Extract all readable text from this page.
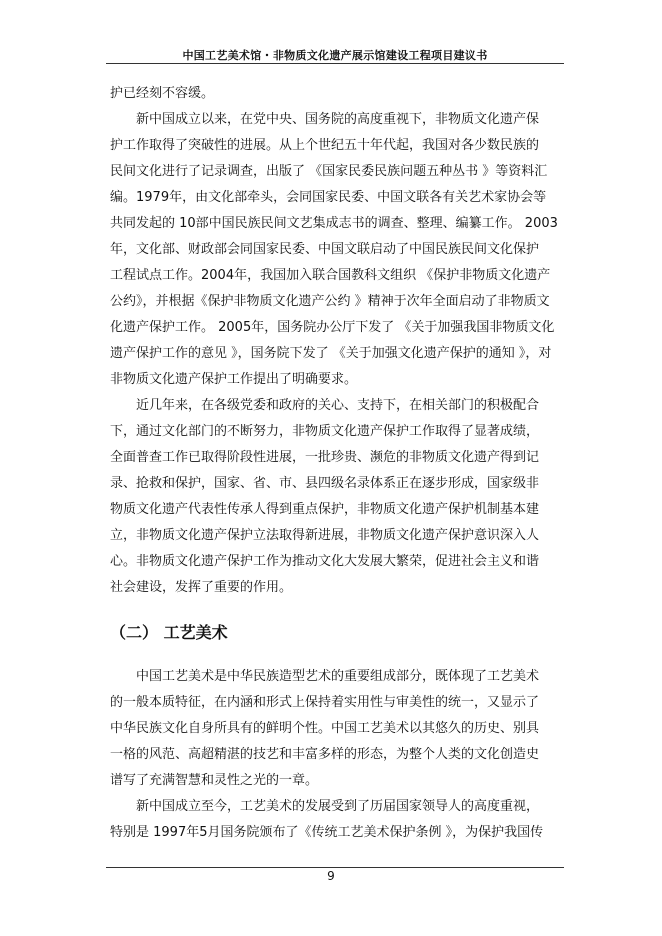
中国工艺美术馆・非物质文化遗产展示馆建设工程项目建议书
护已经刻不容缓。
新中国成立以来，在党中央、国务院的高度重视下，非物质文化遗产保
护工作取得了突破性的进展。从上个世纪五十年代起，我国对各少数民族的
民间文化进行了记录调查，出版了 《国家民委民族问题五种丛书 》等资料汇
编。1979年，由文化部牵头，会同国家民委、中国文联各有关艺术家协会等
共同发起的 10部中国民族民间文艺集成志书的调查、整理、编纂工作。 2003
年，文化部、财政部会同国家民委、中国文联启动了中国民族民间文化保护
工程试点工作。2004年，我国加入联合国教科文组织 《保护非物质文化遗产
公约》，并根据《保护非物质文化遗产公约 》精神于次年全面启动了非物质文
化遗产保护工作。 2005年，国务院办公厅下发了 《关于加强我国非物质文化
遗产保护工作的意见 》，国务院下发了 《关于加强文化遗产保护的通知 》，对
非物质文化遗产保护工作提出了明确要求。
近几年来，在各级党委和政府的关心、支持下，在相关部门的积极配合
下，通过文化部门的不断努力，非物质文化遗产保护工作取得了显著成绩，
全面普查工作已取得阶段性进展，一批珍贵、濒危的非物质文化遗产得到记
录、抢救和保护，国家、省、市、县四级名录体系正在逐步形成，国家级非
物质文化遗产代表性传承人得到重点保护，非物质文化遗产保护机制基本建
立，非物质文化遗产保护立法取得新进展，非物质文化遗产保护意识深入人
心。非物质文化遗产保护工作为推动文化大发展大繁荣，促进社会主义和谐
社会建设，发挥了重要的作用。
（二） 工艺美术
中国工艺美术是中华民族造型艺术的重要组成部分，既体现了工艺美术
的一般本质特征，在内涵和形式上保持着实用性与审美性的统一，又显示了
中华民族文化自身所具有的鲜明个性。中国工艺美术以其悠久的历史、别具
一格的风范、高超精湛的技艺和丰富多样的形态，为整个人类的文化创造史
谱写了充满智慧和灵性之光的一章。
新中国成立至今，工艺美术的发展受到了历届国家领导人的高度重视，
特别是 1997年5月国务院颁布了《传统工艺美术保护条例 》，为保护我国传
9
